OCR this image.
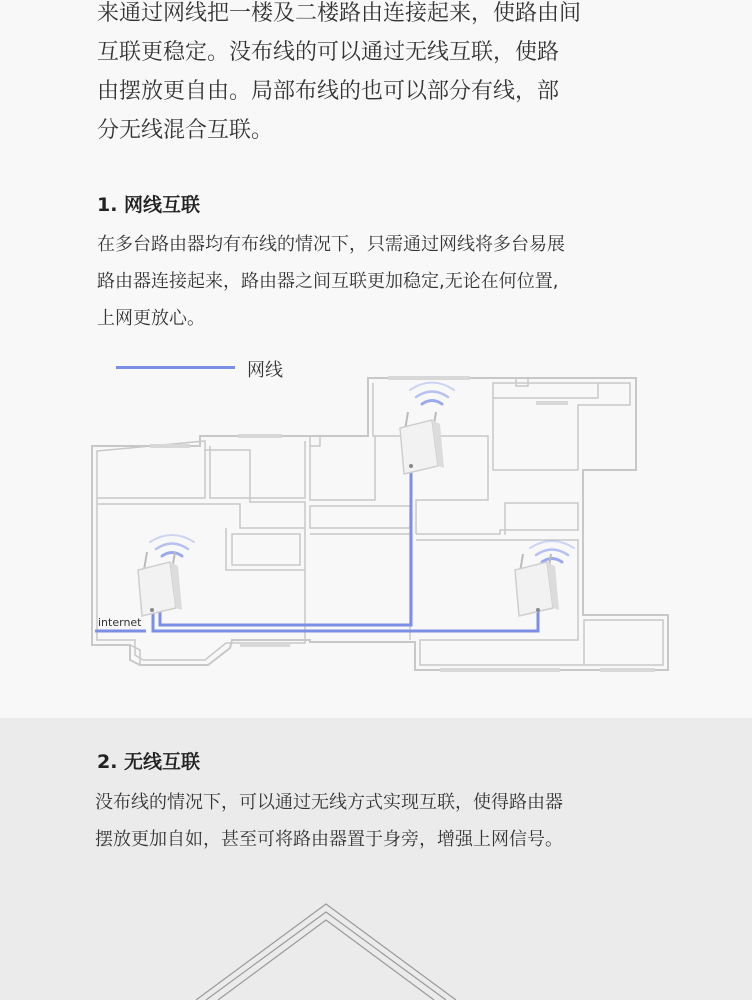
来通过网线把一楼及二楼路由连接起来，使路由间

互联更稳定。没布线的可以通过无线互联，使路

由摆放更自由。局部布线的也可以部分有线，部

分无线混合互联。

1. 网线互联

在多台路由器均有布线的情况下，只需通过网线将多台易展

路由器连接起来，路由器之间互联更加稳定,无论在何位置,

上网更放心。

网线
internet
2. 无线互联

没布线的情况下，可以通过无线方式实现互联，使得路由器

摆放更加自如，甚至可将路由器置于身旁，增强上网信号。
